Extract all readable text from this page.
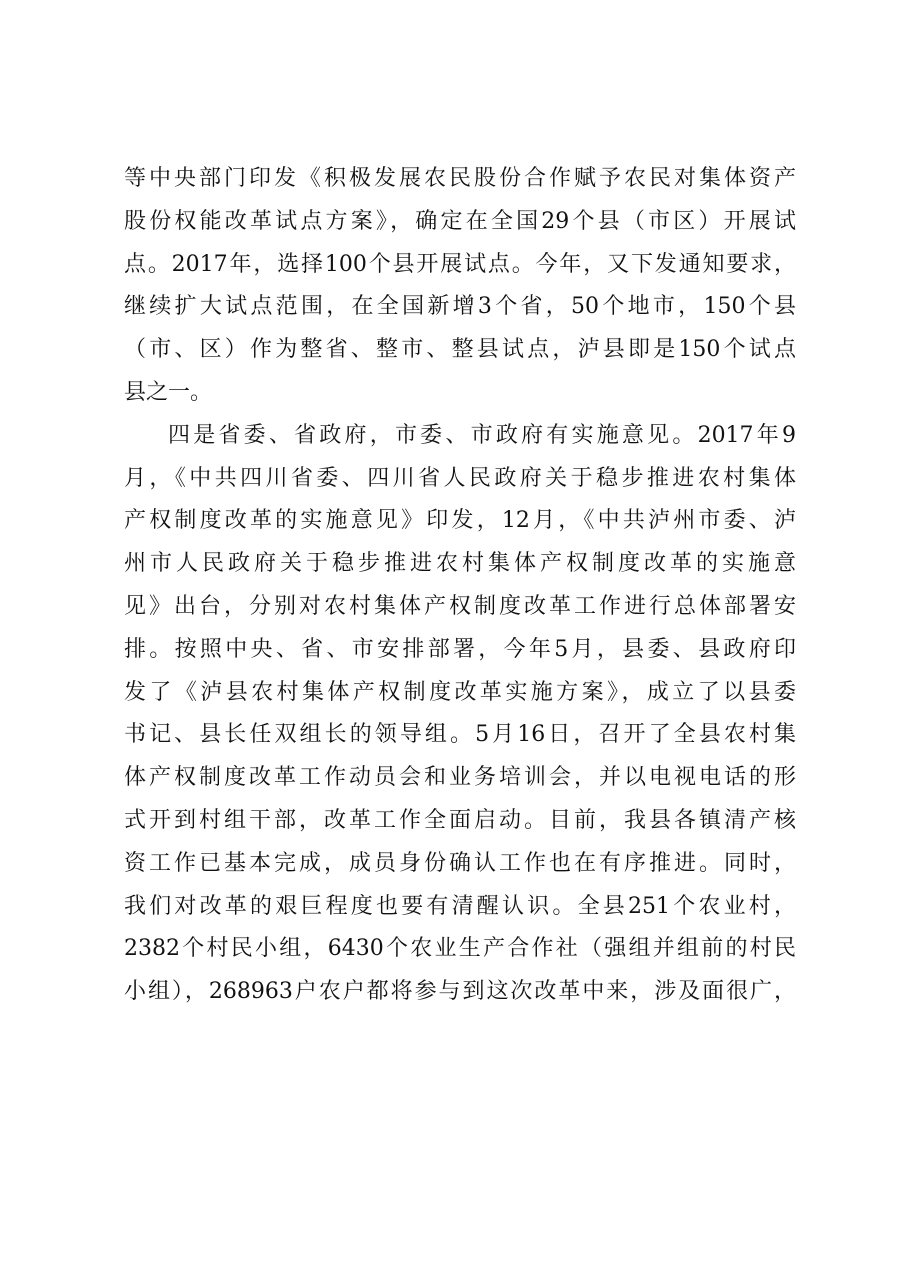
等中央部门印发《积极发展农民股份合作赋予农民对集体资产
股份权能改革试点方案》，确定在全国29个县（市区）开展试
点。2017年，选择100个县开展试点。今年，又下发通知要求，
继续扩大试点范围，在全国新增3个省，50个地市，150个县
（市、区）作为整省、整市、整县试点，泸县即是150个试点
县之一。
四是省委、省政府，市委、市政府有实施意见。2017年9
月，《中共四川省委、四川省人民政府关于稳步推进农村集体
产权制度改革的实施意见》印发，12月，《中共泸州市委、泸
州市人民政府关于稳步推进农村集体产权制度改革的实施意
见》出台，分别对农村集体产权制度改革工作进行总体部署安
排。按照中央、省、市安排部署，今年5月，县委、县政府印
发了《泸县农村集体产权制度改革实施方案》，成立了以县委
书记、县长任双组长的领导组。5月16日，召开了全县农村集
体产权制度改革工作动员会和业务培训会，并以电视电话的形
式开到村组干部，改革工作全面启动。目前，我县各镇清产核
资工作已基本完成，成员身份确认工作也在有序推进。同时，
我们对改革的艰巨程度也要有清醒认识。全县251个农业村，
2382个村民小组，6430个农业生产合作社（强组并组前的村民
小组），268963户农户都将参与到这次改革中来，涉及面很广，
